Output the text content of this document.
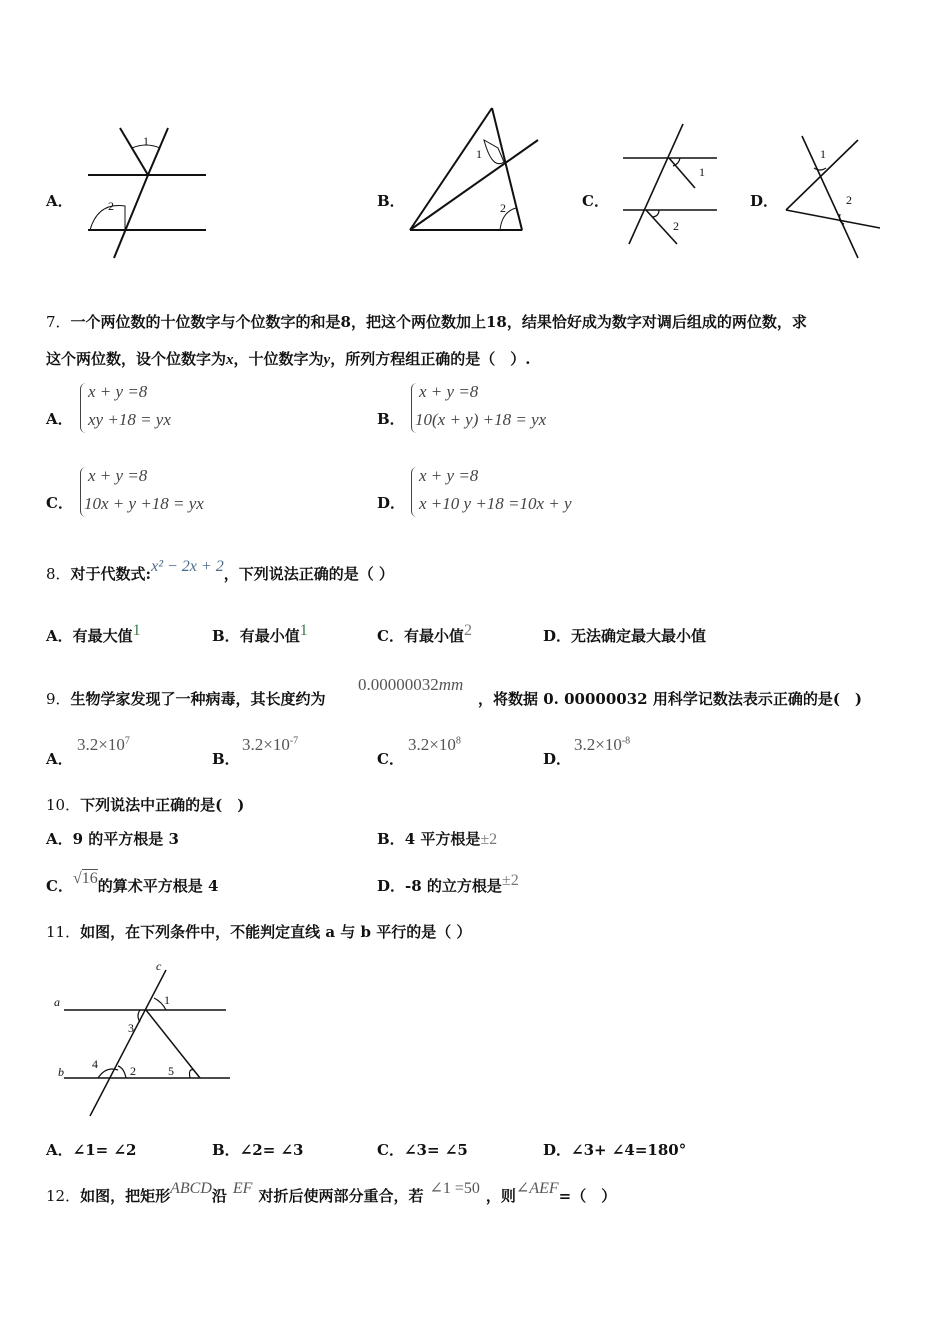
A．
1
2	B．
1
2	C．
1
2
D．
1
2
7．一个两位数的十位数字与个位数字的和是8，把这个两位数加上18，结果恰好成为数字对调后组成的两位数，求
这个两位数，设个位数字为x，十位数字为y，所列方程组正确的是（　）.
A．
x + y =8
xy +18 = yx	B．
x + y =8
10(x + y) +18 = yx
C．
x + y =8
10x + y +18 = yx	D．
x + y =8
x +10 y +18 =10x + y
8．对于代数式:x² − 2x + 2，下列说法正确的是（ ）
A．有最大值1	B．有最小值1	C．有最小值2	D．无法确定最大最小值
9．生物学家发现了一种病毒，其长度约为
0.00000032mm
，将数据 0. 00000032 用科学记数法表示正确的是(　)
A．
$3.2\times 10^7$
B．
$3.2\times 10^{-7}$
C．
$3.2\times 10^8$
D．
$3.2\times 10^{-8}$
10．下列说法中正确的是(　)
A．9 的平方根是 3	B．4 平方根是±2
C．√16的算术平方根是 4	D．-8 的立方根是±2
11．如图，在下列条件中，不能判定直线 a 与 b 平行的是（ ）
a
b
c
1
3
4	2	5
A．∠1= ∠2	B．∠2= ∠3	C．∠3= ∠5	D．∠3+ ∠4=180°
12．如图，把矩形ABCD沿 EF 对折后使两部分重合，若 ∠1 =50 ，则∠AEF=（　）
